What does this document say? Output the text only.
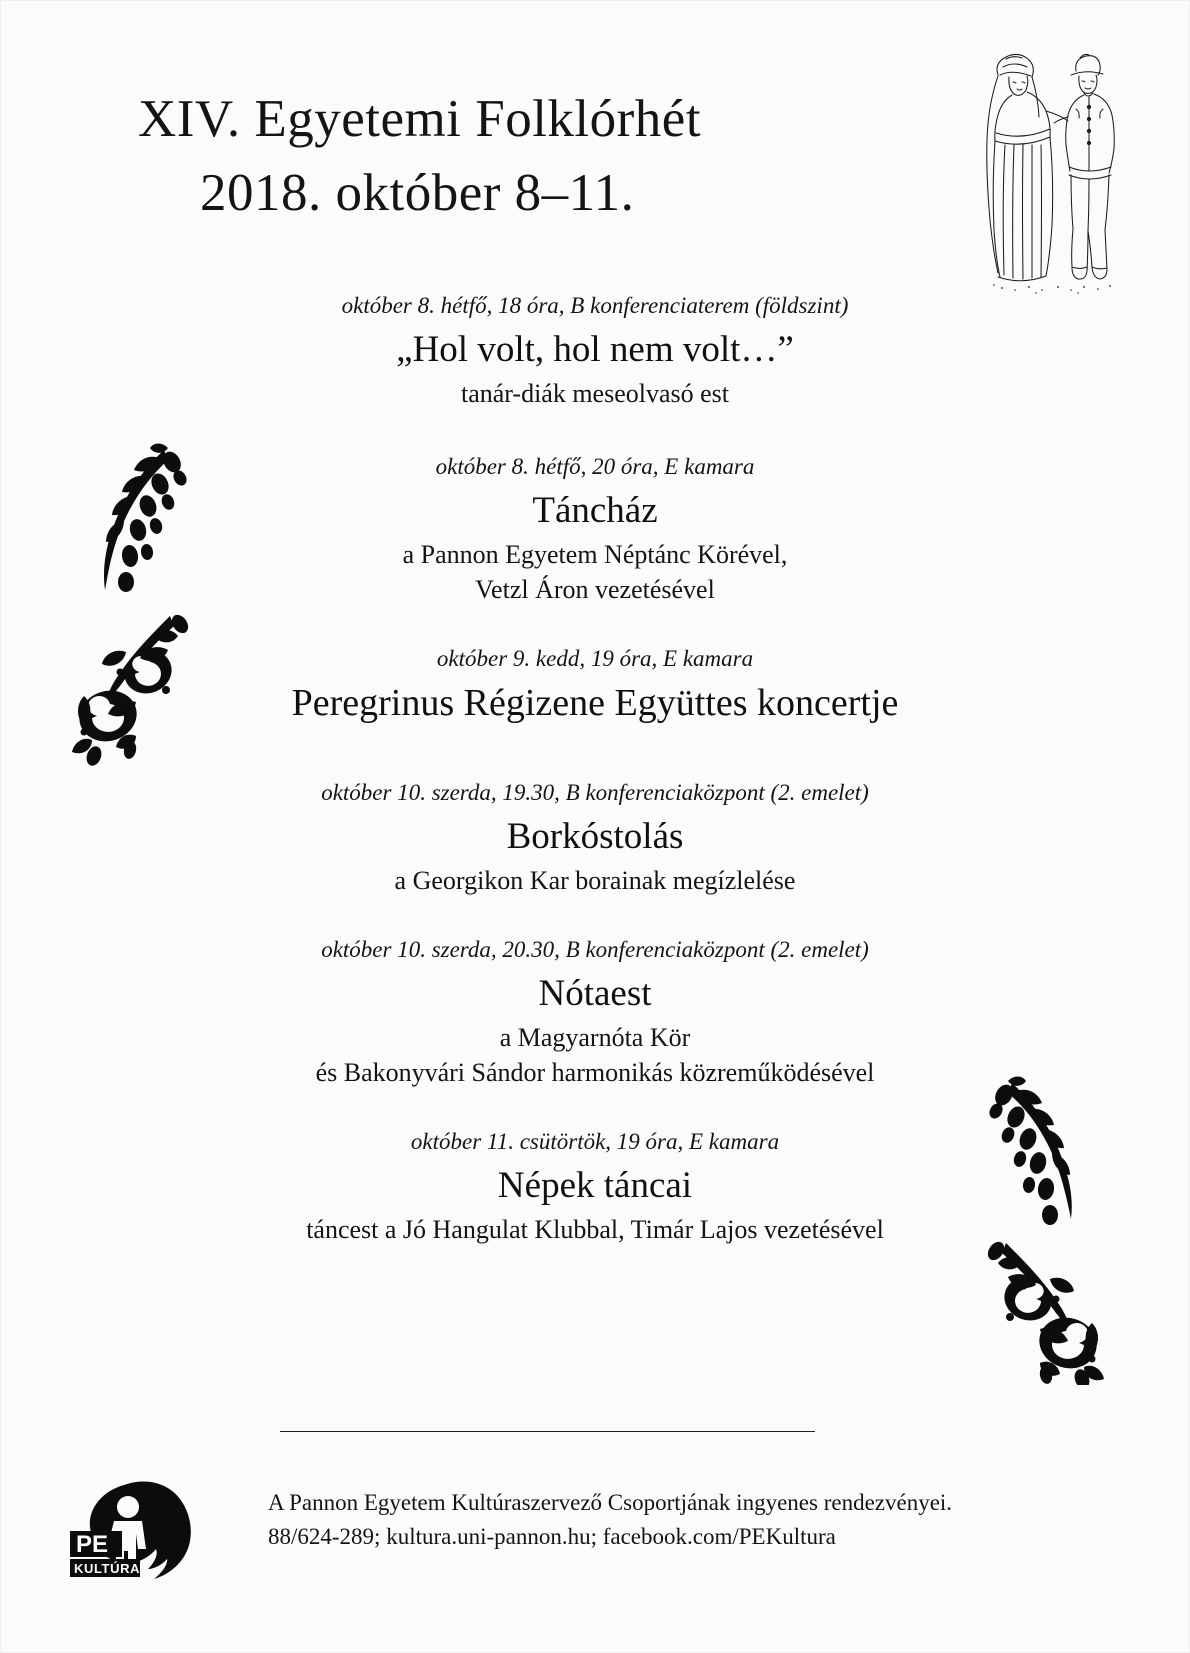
XIV. Egyetemi Folklórhét
2018. október 8–11.
október 8. hétfő, 18 óra, B konferenciaterem (földszint)
„Hol volt, hol nem volt…”
tanár-diák meseolvasó est
október 8. hétfő, 20 óra, E kamara
Táncház
a Pannon Egyetem Néptánc Körével,
Vetzl Áron vezetésével
október 9. kedd, 19 óra, E kamara
Peregrinus Régizene Együttes koncertje
október 10. szerda, 19.30, B konferenciaközpont (2. emelet)
Borkóstolás
a Georgikon Kar borainak megízlelése
október 10. szerda, 20.30, B konferenciaközpont (2. emelet)
Nótaest
a Magyarnóta Kör
és Bakonyvári Sándor harmonikás közreműködésével
október 11. csütörtök, 19 óra, E kamara
Népek táncai
táncest a Jó Hangulat Klubbal, Timár Lajos vezetésével
PE
KULTÚRA
A Pannon Egyetem Kultúraszervező Csoportjának ingyenes rendezvényei.
88/624-289; kultura.uni-pannon.hu; facebook.com/PEKultura
